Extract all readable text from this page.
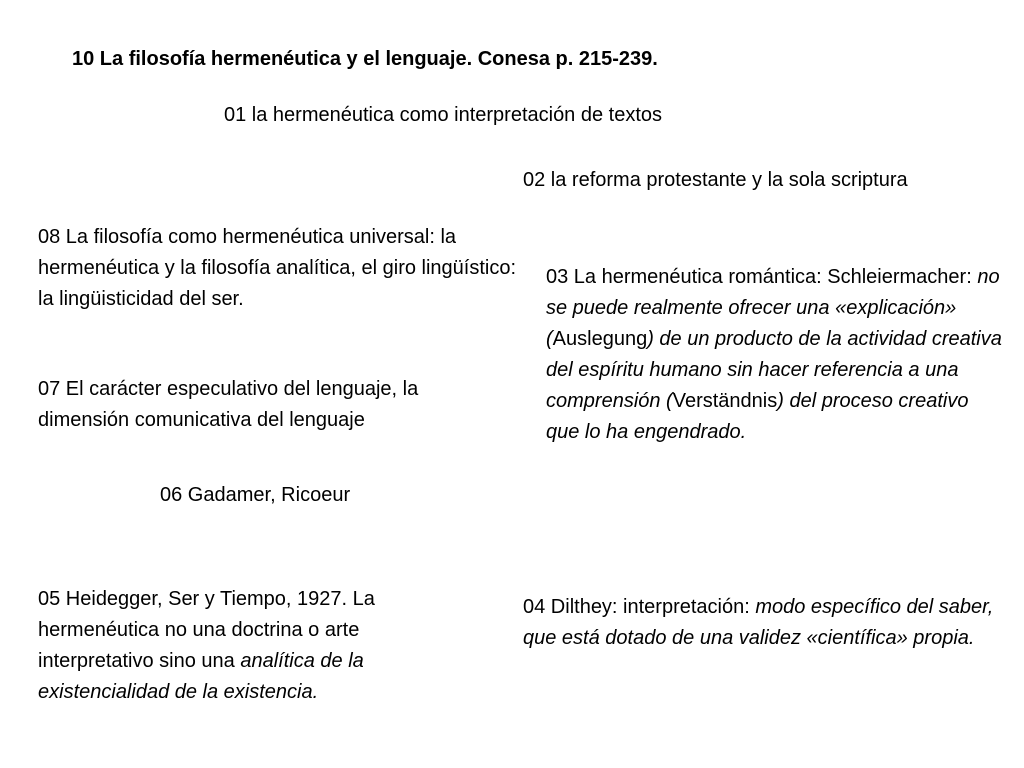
10 La filosofía hermenéutica y el lenguaje. Conesa p. 215-239.
01 la hermenéutica como interpretación de textos
02 la reforma protestante y la sola scriptura
08 La filosofía como hermenéutica universal: la hermenéutica y la filosofía analítica, el giro lingüístico: la lingüisticidad del ser.
03 La hermenéutica romántica: Schleiermacher: no se puede realmente ofrecer una «explicación» (Auslegung) de un producto de la actividad creativa del espíritu humano sin hacer referencia a una comprensión (Verständnis) del proceso creativo que lo ha engendrado.
07 El carácter especulativo del lenguaje, la dimensión comunicativa del lenguaje
06 Gadamer, Ricoeur
05 Heidegger, Ser y Tiempo, 1927. La hermenéutica no una doctrina o arte interpretativo sino una analítica de la existencialidad de la existencia.
04 Dilthey: interpretación: modo específico del saber, que está dotado de una validez «científica» propia.
